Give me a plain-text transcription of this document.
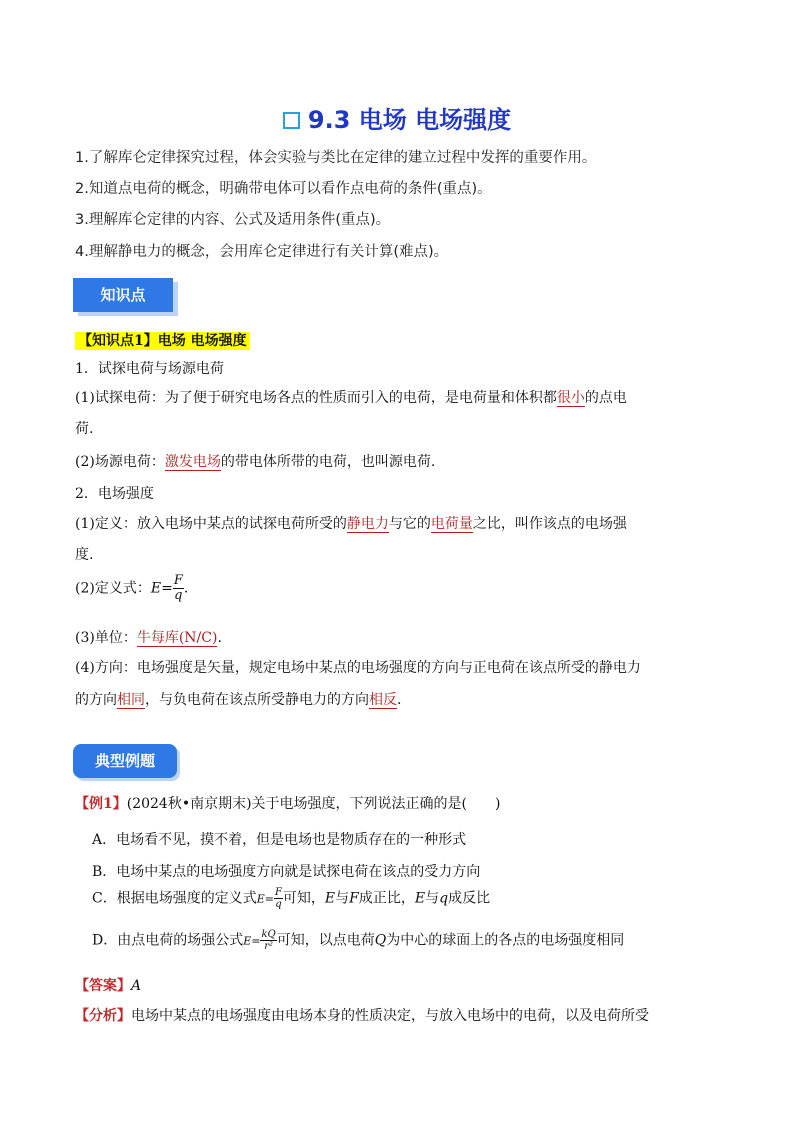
9.3 电场 电场强度
1.了解库仑定律探究过程，体会实验与类比在定律的建立过程中发挥的重要作用。
2.知道点电荷的概念，明确带电体可以看作点电荷的条件(重点)。
3.理解库仑定律的内容、公式及适用条件(重点)。
4.理解静电力的概念，会用库仑定律进行有关计算(难点)。
知识点
【知识点1】电场 电场强度
1．试探电荷与场源电荷
(1)试探电荷：为了便于研究电场各点的性质而引入的电荷，是电荷量和体积都很小的点电
荷.
(2)场源电荷：激发电场的带电体所带的电荷，也叫源电荷.
2．电场强度
(1)定义：放入电场中某点的试探电荷所受的静电力与它的电荷量之比，叫作该点的电场强
度.
(2)定义式：$E= \frac{F}{q}$ .
(3)单位：牛每库(N/C).
(4)方向：电场强度是矢量，规定电场中某点的电场强度的方向与正电荷在该点所受的静电力
的方向相同，与负电荷在该点所受静电力的方向相反.
典型例题
【例1】(2024秋•南京期末)关于电场强度，下列说法正确的是(　　)
A．电场看不见，摸不着，但是电场也是物质存在的一种形式
B．电场中某点的电场强度方向就是试探电荷在该点的受力方向
C．根据电场强度的定义式$E= \frac{F}{q}$ 可知，E与F成正比，E与q成反比
D．由点电荷的场强公式$E= \frac{kQ}{\text{r²}}$ 可知，以点电荷Q为中心的球面上的各点的电场强度相同
【答案】A
【分析】电场中某点的电场强度由电场本身的性质决定，与放入电场中的电荷，以及电荷所受
